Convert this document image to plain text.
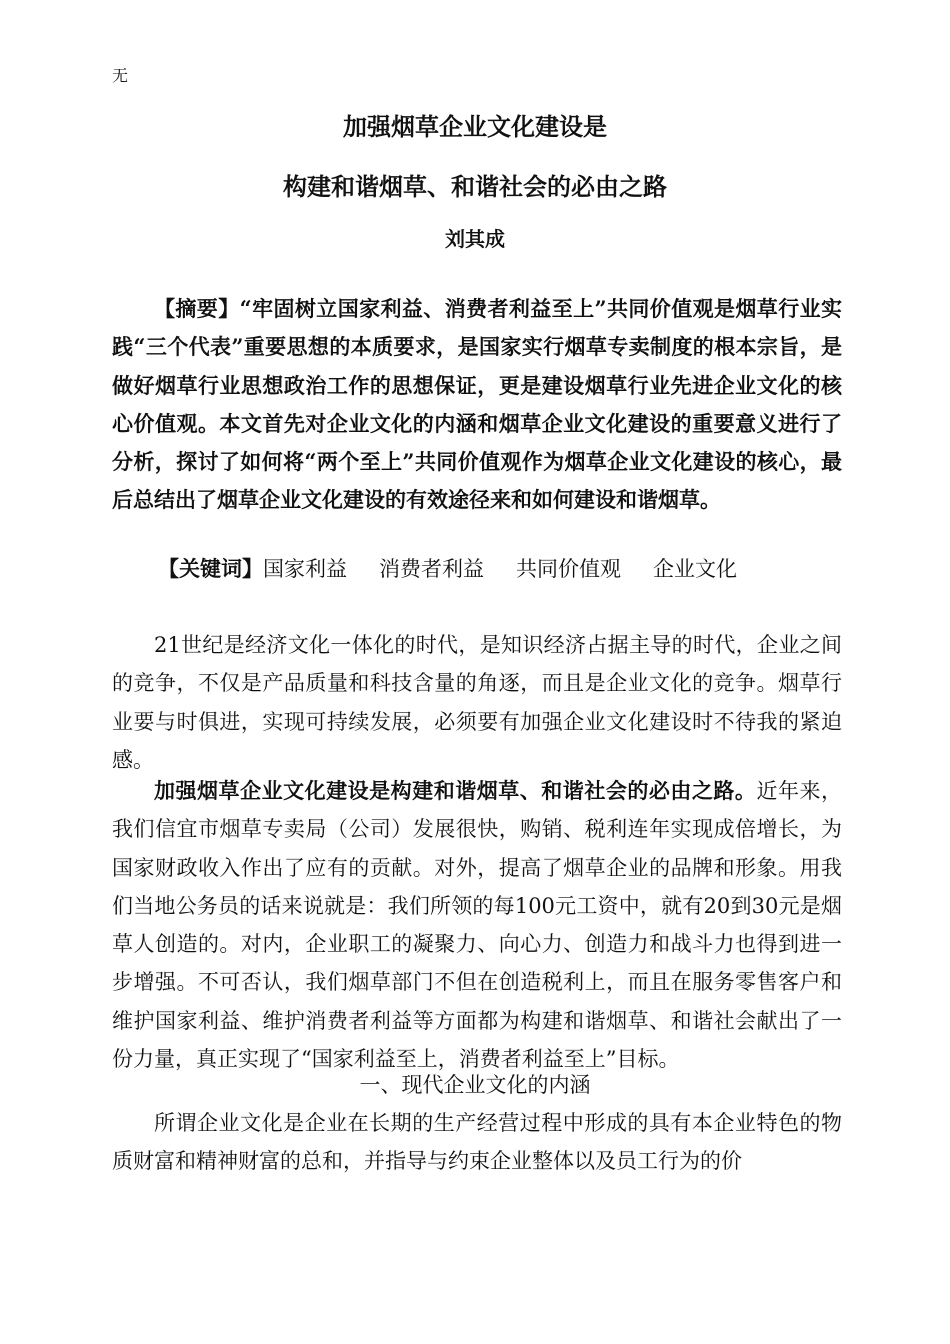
无
加强烟草企业文化建设是
构建和谐烟草、和谐社会的必由之路
刘其成
【摘要】“牢固树立国家利益、消费者利益至上”共同价值观是烟草行业实践“三个代表”重要思想的本质要求，是国家实行烟草专卖制度的根本宗旨，是做好烟草行业思想政治工作的思想保证，更是建设烟草行业先进企业文化的核心价值观。本文首先对企业文化的内涵和烟草企业文化建设的重要意义进行了分析，探讨了如何将“两个至上”共同价值观作为烟草企业文化建设的核心，最后总结出了烟草企业文化建设的有效途径来和如何建设和谐烟草。
【关键词】国家利益 消费者利益 共同价值观 企业文化
21世纪是经济文化一体化的时代，是知识经济占据主导的时代，企业之间的竞争，不仅是产品质量和科技含量的角逐，而且是企业文化的竞争。烟草行业要与时俱进，实现可持续发展，必须要有加强企业文化建设时不待我的紧迫感。
加强烟草企业文化建设是构建和谐烟草、和谐社会的必由之路。近年来，我们信宜市烟草专卖局（公司）发展很快，购销、税利连年实现成倍增长，为国家财政收入作出了应有的贡献。对外，提高了烟草企业的品牌和形象。用我们当地公务员的话来说就是：我们所领的每100元工资中，就有20到30元是烟草人创造的。对内，企业职工的凝聚力、向心力、创造力和战斗力也得到进一步增强。不可否认，我们烟草部门不但在创造税利上，而且在服务零售客户和维护国家利益、维护消费者利益等方面都为构建和谐烟草、和谐社会献出了一份力量，真正实现了“国家利益至上，消费者利益至上”目标。
一、现代企业文化的内涵
所谓企业文化是企业在长期的生产经营过程中形成的具有本企业特色的物质财富和精神财富的总和，并指导与约束企业整体以及员工行为的价
